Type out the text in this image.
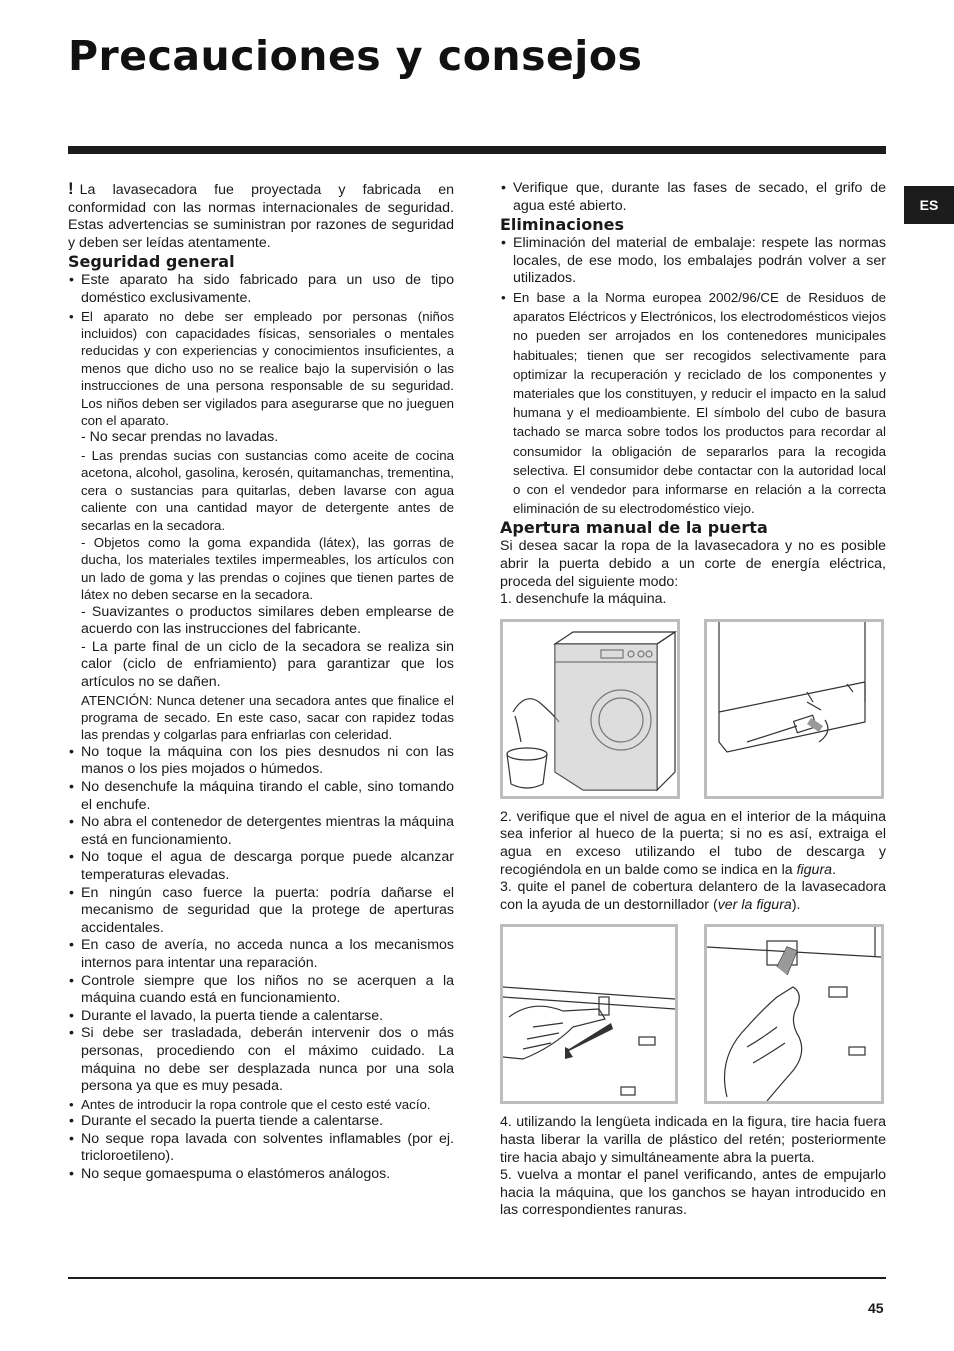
Precauciones y consejos
ES

! La lavasecadora fue proyectada y fabricada en conformidad con las normas internacionales de seguridad. Estas advertencias se suministran por razones de seguridad y deben ser leídas atentamente.

Seguridad general

• Este aparato ha sido fabricado para un uso de tipo doméstico exclusivamente.
• El aparato no debe ser empleado por personas (niños incluidos) con capacidades físicas, sensoriales o mentales reducidas y con experiencias y conocimientos insuficientes, a menos que dicho uso no se realice bajo la supervisión o las instrucciones de una persona responsable de su seguridad. Los niños deben ser vigilados para asegurarse que no jueguen con el aparato.

- No secar prendas no lavadas.

- Las prendas sucias con sustancias como aceite de cocina acetona, alcohol, gasolina, kerosén, quitamanchas, trementina, cera o sustancias para quitarlas, deben lavarse con agua caliente con una cantidad mayor de detergente antes de secarlas en la secadora.

- Objetos como la goma expandida (látex), las gorras de ducha, los materiales textiles impermeables, los artículos con un lado de goma y las prendas o cojines que tienen partes de látex no deben secarse en la secadora.

- Suavizantes o productos similares deben emplearse de acuerdo con las instrucciones del fabricante.

- La parte final de un ciclo de la secadora se realiza sin calor (ciclo de enfriamiento) para garantizar que los artículos no se dañen.

ATENCIÓN: Nunca detener una secadora antes que finalice el programa de secado. En este caso, sacar con rapidez todas las prendas y colgarlas para enfriarlas con celeridad.

• No toque la máquina con los pies desnudos ni con las manos o los pies mojados o húmedos.
• No desenchufe la máquina tirando el cable, sino tomando el enchufe.
• No abra el contenedor de detergentes mientras la máquina está en funcionamiento.
• No toque el agua de descarga porque puede alcanzar temperaturas elevadas.
• En ningún caso fuerce la puerta: podría dañarse el mecanismo de seguridad que la protege de aperturas accidentales.
• En caso de avería, no acceda nunca a los mecanismos internos para intentar una reparación.
• Controle siempre que los niños no se acerquen a la máquina cuando está en funcionamiento.
• Durante el lavado, la puerta tiende a calentarse.
• Si debe ser trasladada, deberán intervenir dos o más personas, procediendo con el máximo cuidado. La máquina no debe ser desplazada nunca por una sola persona ya que es muy pesada.
• Antes de introducir la ropa controle que el cesto esté vacío.
• Durante el secado la puerta tiende a calentarse.
• No seque ropa lavada con solventes inflamables (por ej. tricloroetileno).
• No seque gomaespuma o elastómeros análogos.
• Verifique que, durante las fases de secado, el grifo de agua esté abierto.

Eliminaciones

• Eliminación del material de embalaje: respete las normas locales, de ese modo, los embalajes podrán volver a ser utilizados.
• En base a la Norma europea 2002/96/CE de Residuos de aparatos Eléctricos y Electrónicos, los electrodomésticos viejos no pueden ser arrojados en los contenedores municipales habituales; tienen que ser recogidos selectivamente para optimizar la recuperación y reciclado de los componentes y materiales que los constituyen, y reducir el impacto en la salud humana y el medioambiente. El símbolo del cubo de basura tachado se marca sobre todos los productos para recordar al consumidor la obligación de separarlos para la recogida selectiva. El consumidor debe contactar con la autoridad local o con el vendedor para informarse en relación a la correcta eliminación de su electrodoméstico viejo.

Apertura manual de la puerta

Si desea sacar la ropa de la lavasecadora y no es posible abrir la puerta debido a un corte de energía eléctrica, proceda del siguiente modo:

1. desenchufe la máquina.

2. verifique que el nivel de agua en el interior de la máquina sea inferior al hueco de la puerta; si no es así, extraiga el agua en exceso utilizando el tubo de descarga y recogiéndola en un balde como se indica en la figura.

3. quite el panel de cobertura delantero de la lavasecadora con la ayuda de un destornillador (ver la figura).

4. utilizando la lengüeta indicada en la figura, tire hacia fuera hasta liberar la varilla de plástico del retén; posteriormente tire hacia abajo y simultáneamente abra la puerta.

5. vuelva a montar el panel verificando, antes de empujarlo hacia la máquina, que los ganchos se hayan introducido en las correspondientes ranuras.

45
